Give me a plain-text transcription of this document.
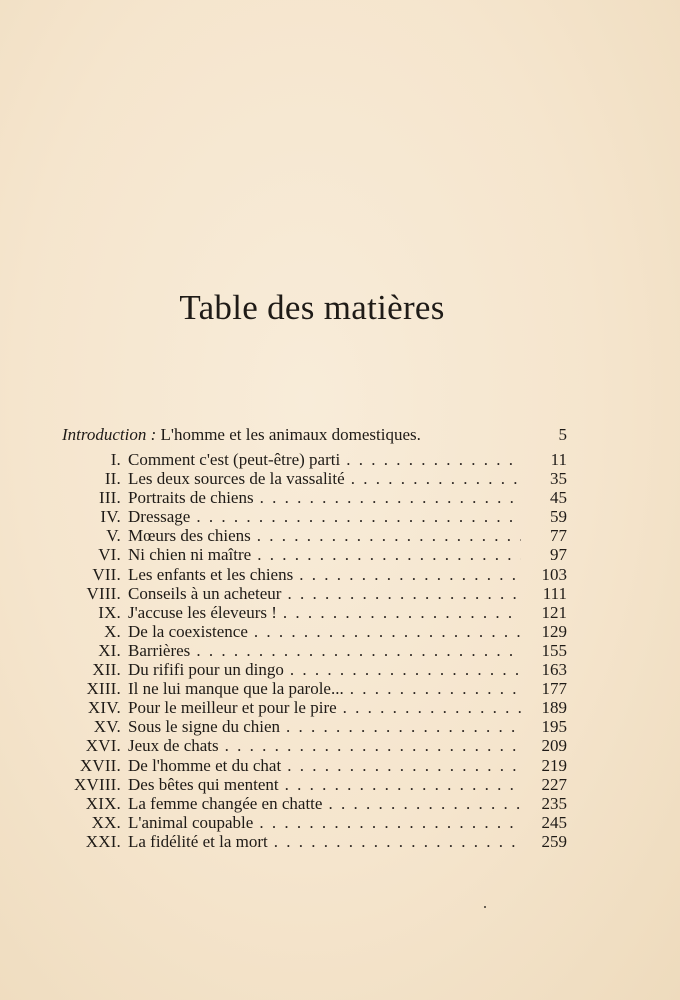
Table des matières
Introduction : L'homme et les animaux domestiques.	5
I. Comment c'est (peut-être) parti . . .	11
II. Les deux sources de la vassalité . . .	35
III. Portraits de chiens . . .	45
IV. Dressage . . .	59
V. Mœurs des chiens . . .	77
VI. Ni chien ni maître . . .	97
VII. Les enfants et les chiens . . .	103
VIII. Conseils à un acheteur . . .	111
IX. J'accuse les éleveurs ! . . .	121
X. De la coexistence . . .	129
XI. Barrières . . .	155
XII. Du rififi pour un dingo . . .	163
XIII. Il ne lui manque que la parole... . . .	177
XIV. Pour le meilleur et pour le pire . . .	189
XV. Sous le signe du chien . . .	195
XVI. Jeux de chats . . .	209
XVII. De l'homme et du chat . . .	219
XVIII. Des bêtes qui mentent . . .	227
XIX. La femme changée en chatte . . .	235
XX. L'animal coupable . . .	245
XXI. La fidélité et la mort . . .	259
